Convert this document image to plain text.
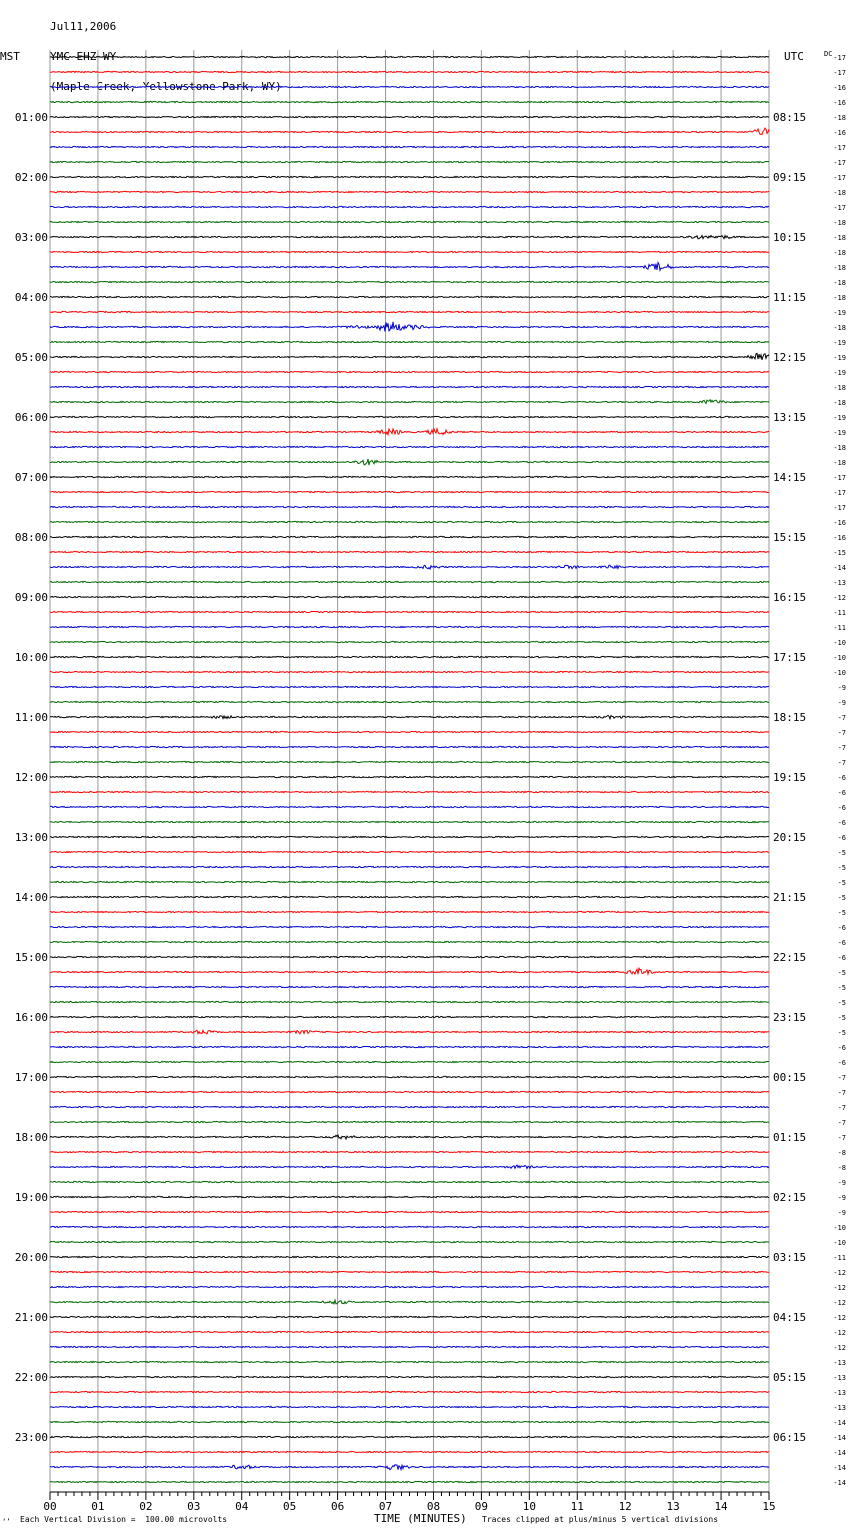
Jul11,2006

YMC EHZ WY

(Maple Creek, Yellowstone Park, WY)

MST	UTC	DC -17
-17
-16
-16
-18
-16
-17
-17
-17
-18
-17
-18
-18
-18
-18
-18
-18
-19
-18
-19
-19
-19
-18
-18
-19
-19
-18
-18
-17
-17
-17
-16
-16
-15
-14
-13
-12
-11
-11
-10
-10
-10
-9
-9
-7
-7
-7
-7
-6
-6
-6
-6
-6
-5
-5
-5
-5
-5
-6
-6
-6
-5
-5
-5
-5
-5
-6
-6
-7
-7
-7
-7
-7
-8
-8
-9
-9
-9
-10
-10
-11
-12
-12
-12
-12
-12
-12
-13
-13
-13
-13
-14
-14
-14
-14
-14
01:00	08:15
02:00	09:15
03:00	10:15
04:00	11:15
05:00	12:15
06:00	13:15
07:00	14:15
08:00	15:15
09:00	16:15
10:00	17:15
11:00	18:15
12:00	19:15
13:00	20:15
14:00	21:15
15:00	22:15
16:00	23:15
17:00	00:15
18:00	01:15
19:00	02:15
20:00	03:15
21:00	04:15
22:00	05:15
23:00	06:15
00	01	02	03	04	05	06	07	08	09	10	11	12	13	14	15
‘’ Each Vertical Division =  100.00 microvolts	TIME (MINUTES) Traces clipped at plus/minus 5 vertical divisions
